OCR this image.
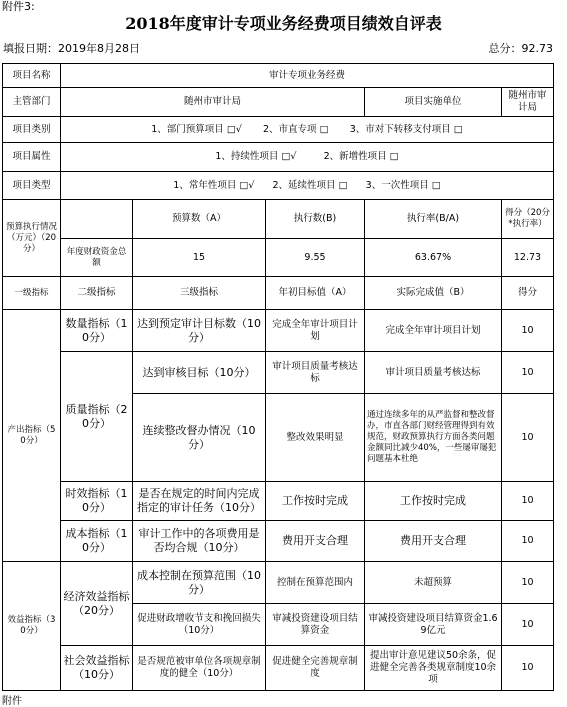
附件3:
2018年度审计专项业务经费项目绩效自评表
填报日期：2019年8月28日	总分：92.73
项目名称	审计专项业务经费				
主管部门	随州市审计局			项目实施单位	随州市审计局
项目类别	1、部门预算项目 □√ 2、市直专项 □ 3、市对下转移支付项目 □				
项目属性	1、持续性项目 □√ 2、新增性项目 □				
项目类型	1、常年性项目 □√ 2、延续性项目 □ 3、一次性项目 □				
预算执行情况（万元）（20分）		预算数（A）	执行数(B)	执行率(B/A)	得分（20分*执行率）
	年度财政资金总额	15	9.55	63.67%	12.73
一级指标	二级指标	三级指标	年初目标值（A）	实际完成值（B）	得分
产出指标（50分）	数量指标（10分）	达到预定审计目标数（10分）	完成全年审计项目计划	完成全年审计项目计划	10
	质量指标（20分）	达到审核目标（10分）	审计项目质量考核达标	审计项目质量考核达标	10
		连续整改督办情况（10分）	整改效果明显	通过连续多年的从严监督和整改督办，市直各部门财经管理得到有效规范，财政预算执行方面各类问题金额同比减少40%，一些屡审屡犯问题基本杜绝	10
	时效指标（10分）	是否在规定的时间内完成指定的审计任务（10分）	工作按时完成	工作按时完成	10
	成本指标（10分）	审计工作中的各项费用是否均合规（10分）	费用开支合理	费用开支合理	10
效益指标（30分）	经济效益指标（20分）	成本控制在预算范围（10分）	控制在预算范围内	未超预算	10
		促进财政增收节支和挽回损失（10分）	审减投资建设项目结算资金	审减投资建设项目结算资金1.69亿元	10
	社会效益指标（10分）	是否规范被审单位各项规章制度的健全（10分）	促进健全完善规章制度	提出审计意见建议50余条，促进健全完善各类规章制度10余项	10
附件
